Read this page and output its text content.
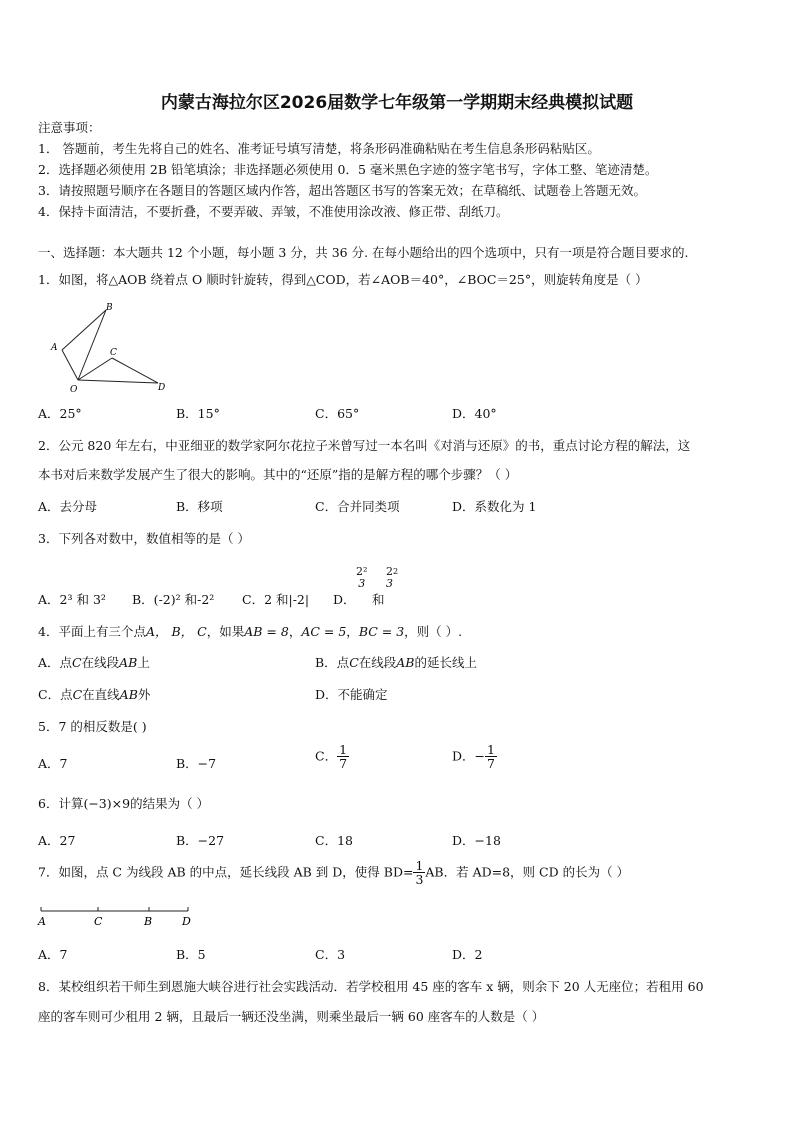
内蒙古海拉尔区2026届数学七年级第一学期期末经典模拟试题
注意事项：
1． 答题前，考生先将自己的姓名、准考证号填写清楚，将条形码准确粘贴在考生信息条形码粘贴区。
2．选择题必须使用 2B 铅笔填涂；非选择题必须使用 0．5 毫米黑色字迹的签字笔书写，字体工整、笔迹清楚。
3．请按照题号顺序在各题目的答题区域内作答，超出答题区书写的答案无效；在草稿纸、试题卷上答题无效。
4．保持卡面清洁，不要折叠，不要弄破、弄皱，不准使用涂改液、修正带、刮纸刀。
一、选择题：本大题共 12 个小题，每小题 3 分，共 36 分. 在每小题给出的四个选项中，只有一项是符合题目要求的.
1．如图，将△AOB 绕着点 O 顺时针旋转，得到△COD，若∠AOB＝40°，∠BOC＝25°，则旋转角度是（ ）
B
A	C
O	D
A．25°	B．15°	C．65°	D．40°
2．公元 820 年左右，中亚细亚的数学家阿尔花拉子米曾写过一本名叫《对消与还原》的书，重点讨论方程的解法，这
本书对后来数学发展产生了很大的影响。其中的“还原”指的是解方程的哪个步骤？（ ）
A．去分母	B．移项	C．合并同类项	D．系数化为 1
3．下列各对数中，数值相等的是（ ）
A．2³ 和 3² B．(-2)² 和-2² C．2 和|-2| D．
2²
3
和
2
3
$^2$
4．平面上有三个点A， B， C，如果AB = 8，AC = 5，BC = 3，则（ ）.
A．点C在线段AB上	B．点C在线段AB的延长线上
C．点C在直线AB外	D．不能确定
5．7 的相反数是( )
A．7	B．−7	C． $\frac{1}{7}$	D．− $\frac{1}{7}$
6．计算(−3)×9的结果为（ ）
A．27	B．−27	C．18	D．−18
7．如图，点 C 为线段 AB 的中点，延长线段 AB 到 D，使得 $BD= \frac{1}{3}$ AB．若 AD=8，则 CD 的长为（ ）
A	C	B	D
A．7	B．5	C．3	D．2
8．某校组织若干师生到恩施大峡谷进行社会实践活动．若学校租用 45 座的客车 x 辆，则余下 20 人无座位；若租用 60
座的客车则可少租用 2 辆，且最后一辆还没坐满，则乘坐最后一辆 60 座客车的人数是（ ）
